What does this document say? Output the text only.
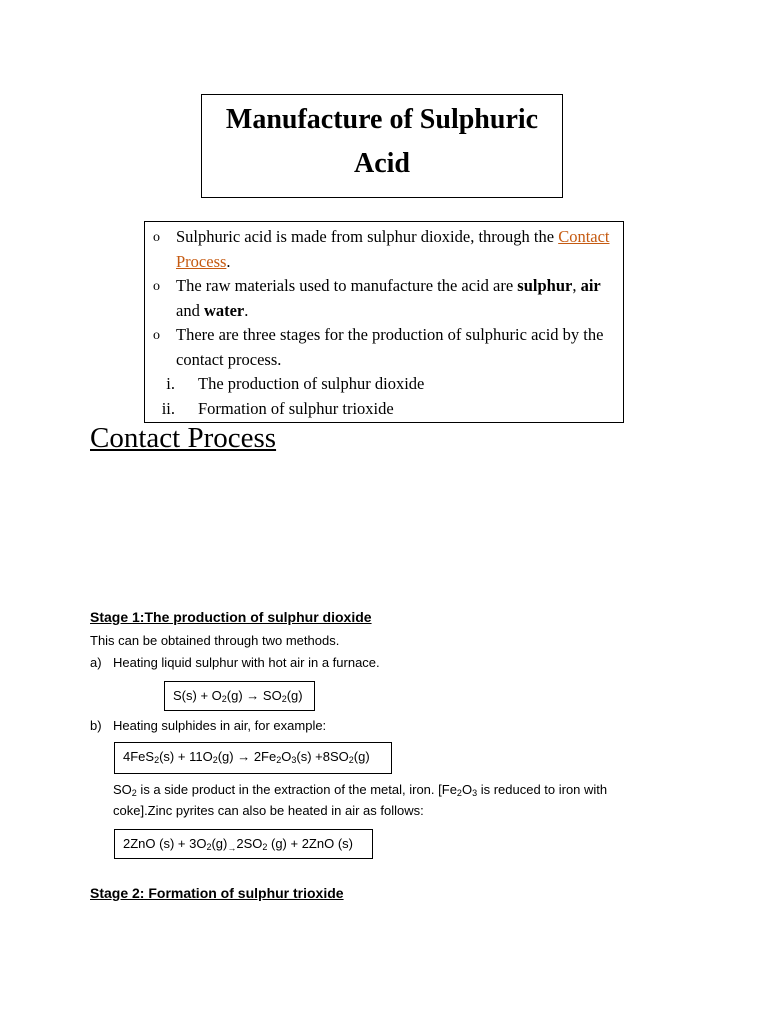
Manufacture of Sulphuric
Acid
o Sulphuric acid is made from sulphur dioxide, through the Contact Process.
o The raw materials used to manufacture the acid are sulphur, air and water.
o There are three stages for the production of sulphuric acid by the contact process.
i. The production of sulphur dioxide
ii. Formation of sulphur trioxide
Contact Process
Stage 1:The production of sulphur dioxide
This can be obtained through two methods.
a) Heating liquid sulphur with hot air in a furnace.
$S(s) + O_2(g) \to SO_2(g)$
b) Heating sulphides in air, for example:
$4FeS_2(s) + 11O_2(g) \to 2Fe_2O_3(s) +8SO_2(g)$
$SO_2$ is a side product in the extraction of the metal, iron. [$Fe_2O_3$ is reduced to iron with
coke].Zinc pyrites can also be heated in air as follows:
2ZnO $(s) + 3O_2(g)_\to 2SO_2$ (g) + 2ZnO (s)
Stage 2: Formation of sulphur trioxide
